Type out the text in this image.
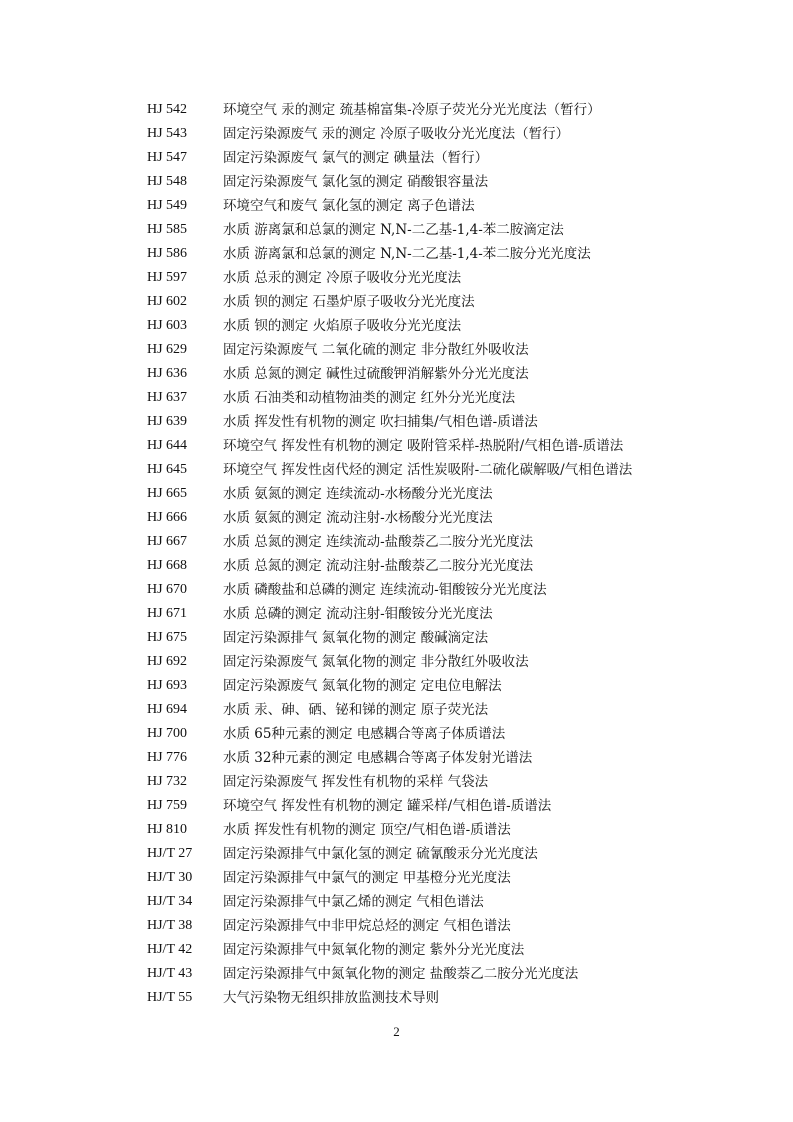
HJ 542	环境空气 汞的测定 巯基棉富集-冷原子荧光分光光度法（暂行）
HJ 543	固定污染源废气 汞的测定 冷原子吸收分光光度法（暂行）
HJ 547	固定污染源废气 氯气的测定 碘量法（暂行）
HJ 548	固定污染源废气 氯化氢的测定 硝酸银容量法
HJ 549	环境空气和废气 氯化氢的测定 离子色谱法
HJ 585	水质 游离氯和总氯的测定 N,N-二乙基-1,4-苯二胺滴定法
HJ 586	水质 游离氯和总氯的测定 N,N-二乙基-1,4-苯二胺分光光度法
HJ 597	水质 总汞的测定 冷原子吸收分光光度法
HJ 602	水质 钡的测定 石墨炉原子吸收分光光度法
HJ 603	水质 钡的测定 火焰原子吸收分光光度法
HJ 629	固定污染源废气 二氧化硫的测定 非分散红外吸收法
HJ 636	水质 总氮的测定 碱性过硫酸钾消解紫外分光光度法
HJ 637	水质 石油类和动植物油类的测定 红外分光光度法
HJ 639	水质 挥发性有机物的测定 吹扫捕集/气相色谱-质谱法
HJ 644	环境空气 挥发性有机物的测定 吸附管采样-热脱附/气相色谱-质谱法
HJ 645	环境空气 挥发性卤代烃的测定 活性炭吸附-二硫化碳解吸/气相色谱法
HJ 665	水质 氨氮的测定 连续流动-水杨酸分光光度法
HJ 666	水质 氨氮的测定 流动注射-水杨酸分光光度法
HJ 667	水质 总氮的测定 连续流动-盐酸萘乙二胺分光光度法
HJ 668	水质 总氮的测定 流动注射-盐酸萘乙二胺分光光度法
HJ 670	水质 磷酸盐和总磷的测定 连续流动-钼酸铵分光光度法
HJ 671	水质 总磷的测定 流动注射-钼酸铵分光光度法
HJ 675	固定污染源排气 氮氧化物的测定 酸碱滴定法
HJ 692	固定污染源废气 氮氧化物的测定 非分散红外吸收法
HJ 693	固定污染源废气 氮氧化物的测定 定电位电解法
HJ 694	水质 汞、砷、硒、铋和锑的测定 原子荧光法
HJ 700	水质 65种元素的测定 电感耦合等离子体质谱法
HJ 776	水质 32种元素的测定 电感耦合等离子体发射光谱法
HJ 732	固定污染源废气 挥发性有机物的采样 气袋法
HJ 759	环境空气 挥发性有机物的测定 罐采样/气相色谱-质谱法
HJ 810	水质 挥发性有机物的测定 顶空/气相色谱-质谱法
HJ/T 27 固定污染源排气中氯化氢的测定 硫氰酸汞分光光度法
HJ/T 30 固定污染源排气中氯气的测定 甲基橙分光光度法
HJ/T 34 固定污染源排气中氯乙烯的测定 气相色谱法
HJ/T 38 固定污染源排气中非甲烷总烃的测定 气相色谱法
HJ/T 42 固定污染源排气中氮氧化物的测定 紫外分光光度法
HJ/T 43 固定污染源排气中氮氧化物的测定 盐酸萘乙二胺分光光度法
HJ/T 55 大气污染物无组织排放监测技术导则
2
